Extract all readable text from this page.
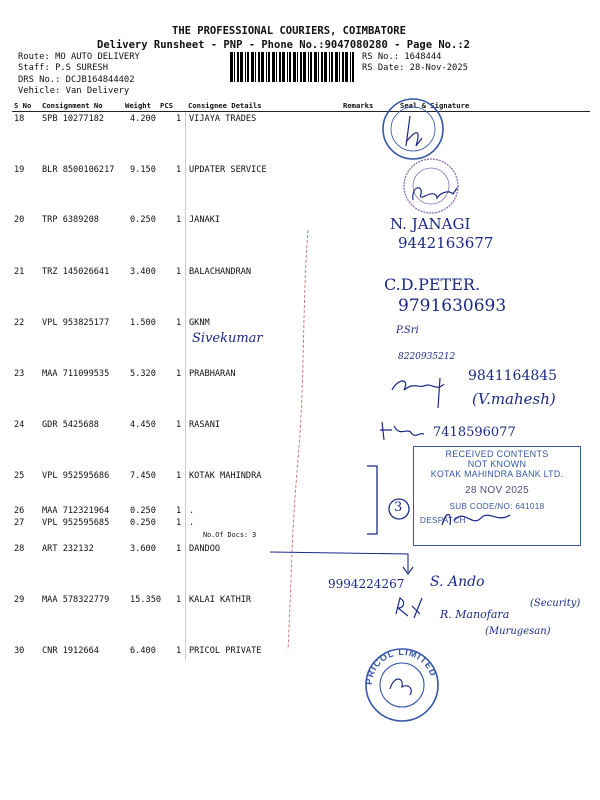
THE PROFESSIONAL COURIERS, COIMBATORE
Delivery Runsheet - PNP - Phone No.:9047080280 - Page No.:2
Route: MO AUTO DELIVERY
Staff: P.S SURESH
DRS No.: DCJB164844402
Vehicle: Van Delivery
RS No.: 1648444
RS Date: 28-Nov-2025
S No Consignment No	Weight PCS Consignee Details	Remarks	Seal & Signature
18 SPB 10277182	4.200 1 VIJAYA TRADES
19 BLR 8500106217 9.150 1 UPDATER SERVICE
20 TRP 6389208	0.250 1 JANAKI
21 TRZ 145026641 3.400 1 BALACHANDRAN
22 VPL 953825177 1.500 1 GKNM
23 MAA 711099535 5.320 1 PRABHARAN
24 GDR 5425688	4.450 1 RASANI
25 VPL 952595686 7.450 1 KOTAK MAHINDRA
26 MAA 712321964 0.250 1 .
27 VPL 952595685 0.250 1 .
28 ART 232132	3.600 1 DANDOO
29 MAA 578322779 15.350 1 KALAI KATHIR
30 CNR 1912664	6.400 1 PRICOL PRIVATE
No.Of Docs: 3
Sivekumar
N. JANAGI
9442163677
C.D.PETER.
9791630693
P.Sri
8220935212
9841164845
(V.mahesh)
7418596077
3
RECEIVED CONTENTS
NOT KNOWN
KOTAK MAHINDRA BANK LTD.
28 NOV 2025
SUB CODE/NO: 641018
DESPATCH
9994224267 S. Ando
R. Manofara
(Security)
(Murugesan)
PRICOL LIMITED
